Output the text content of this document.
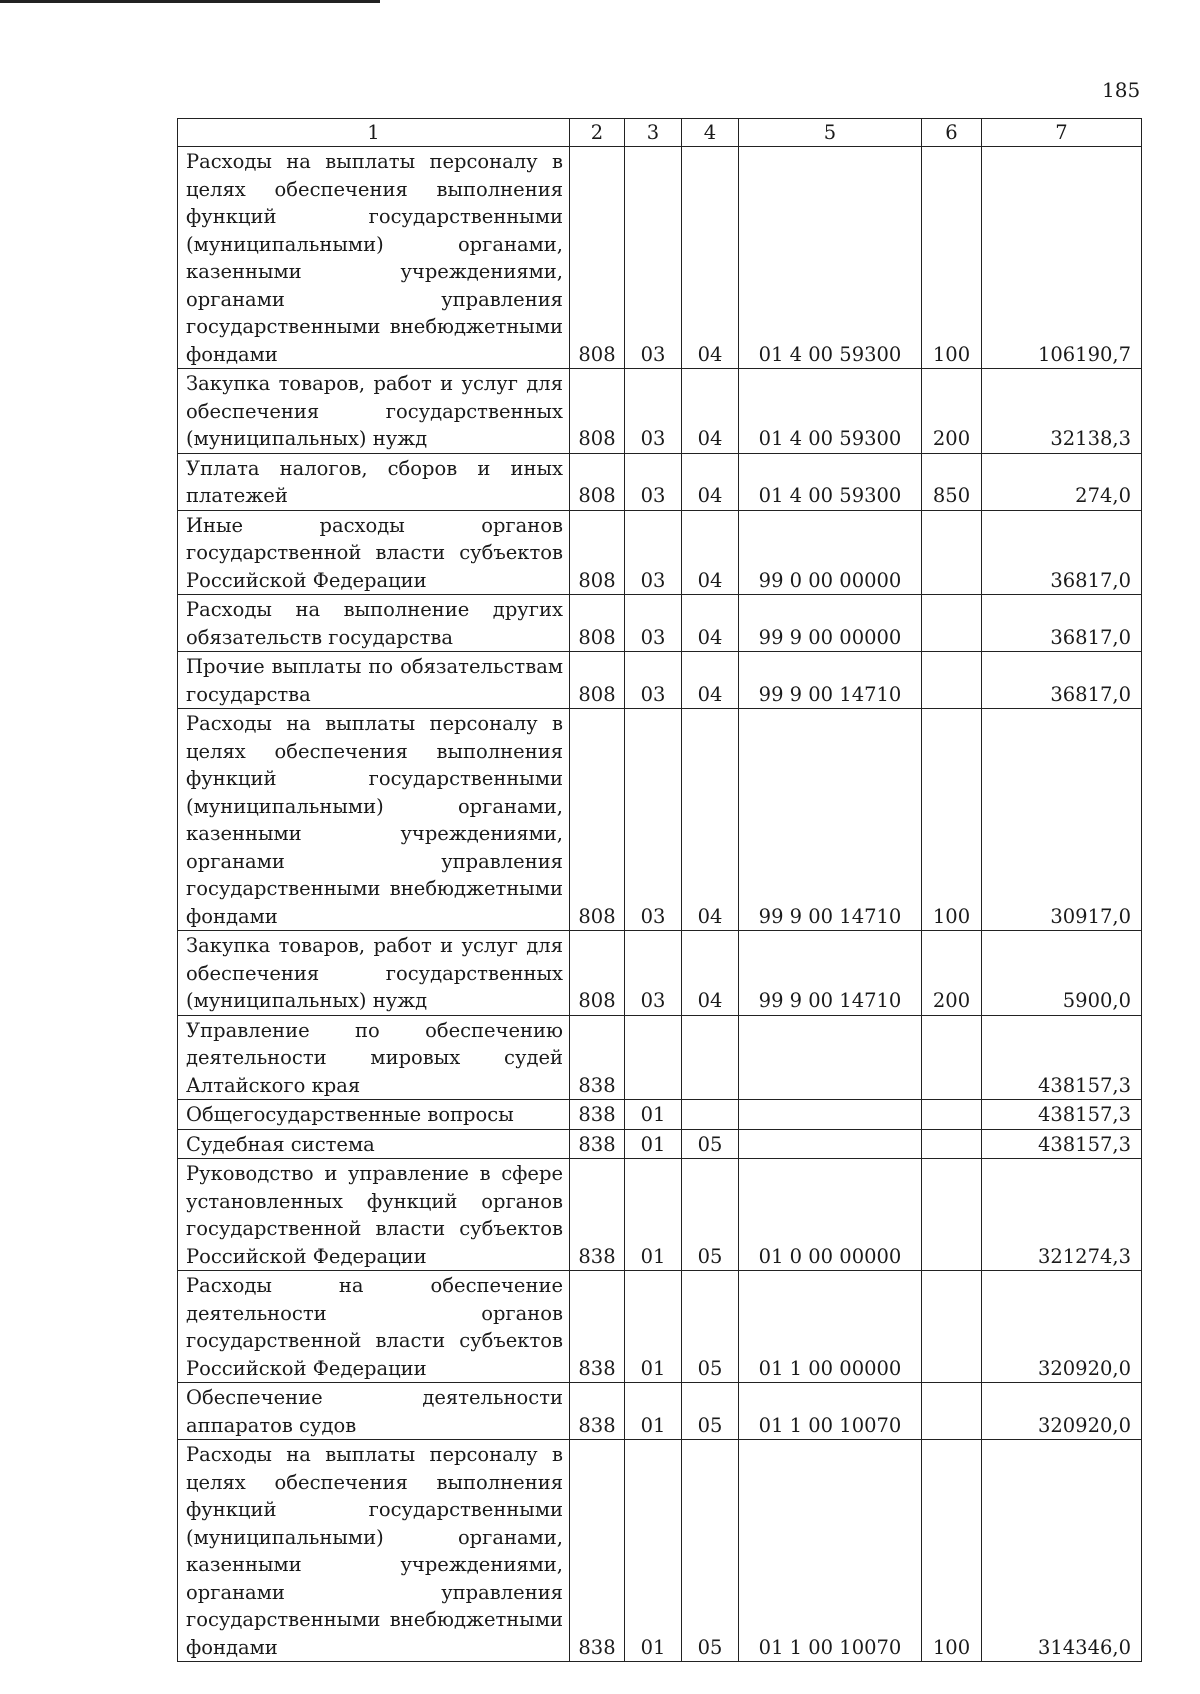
185
1	2	3	4	5	6	7
Расходы на выплаты персоналу в целях обеспечения выполнения функций государственными (муниципальными) органами, казенными учреждениями, органами управления государственными внебюджетными фондами	808	03	04	01 4 00 59300	100	106190,7
Закупка товаров, работ и услуг для обеспечения государственных (муниципальных) нужд	808	03	04	01 4 00 59300	200	32138,3
Уплата налогов, сборов и иных платежей	808	03	04	01 4 00 59300	850	274,0
Иные расходы органов государственной власти субъектов Российской Федерации	808	03	04	99 0 00 00000		36817,0
Расходы на выполнение других обязательств государства	808	03	04	99 9 00 00000		36817,0
Прочие выплаты по обязательствам государства	808	03	04	99 9 00 14710		36817,0
Расходы на выплаты персоналу в целях обеспечения выполнения функций государственными (муниципальными) органами, казенными учреждениями, органами управления государственными внебюджетными фондами	808	03	04	99 9 00 14710	100	30917,0
Закупка товаров, работ и услуг для обеспечения государственных (муниципальных) нужд	808	03	04	99 9 00 14710	200	5900,0
Управление по обеспечению деятельности мировых судей Алтайского края	838					438157,3
Общегосударственные вопросы	838	01				438157,3
Судебная система	838	01	05			438157,3
Руководство и управление в сфере установленных функций органов государственной власти субъектов Российской Федерации	838	01	05	01 0 00 00000		321274,3
Расходы на обеспечение деятельности органов государственной власти субъектов Российской Федерации	838	01	05	01 1 00 00000		320920,0
Обеспечение деятельности аппаратов судов	838	01	05	01 1 00 10070		320920,0
Расходы на выплаты персоналу в целях обеспечения выполнения функций государственными (муниципальными) органами, казенными учреждениями, органами управления государственными внебюджетными фондами	838	01	05	01 1 00 10070	100	314346,0
